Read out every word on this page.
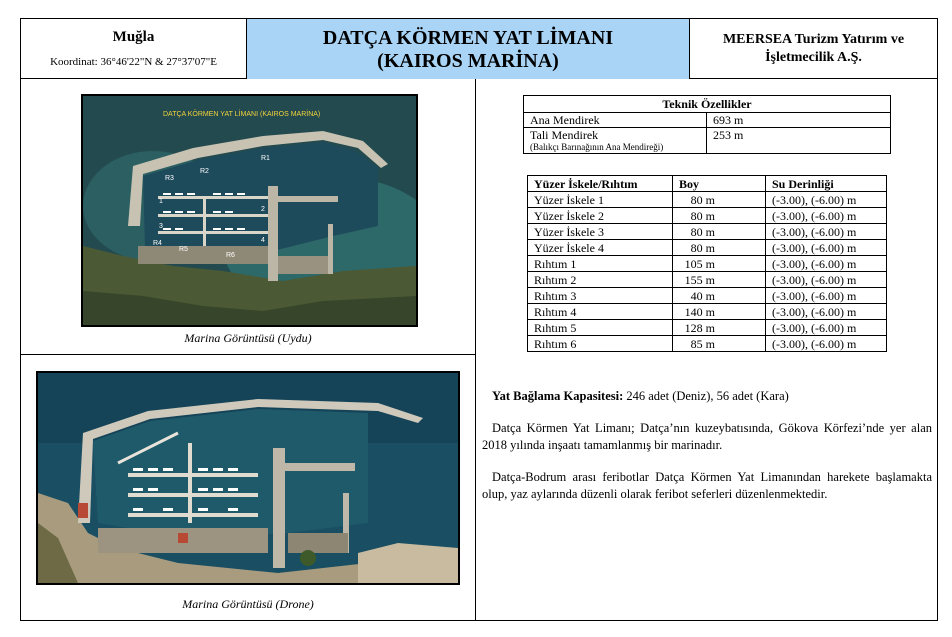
Muğla
Koordinat: 36°46'22"N & 27°37'07"E
DATÇA KÖRMEN YAT LİMANI
(KAIROS MARİNA)
MEERSEA Turizm Yatırım ve
İşletmecilik A.Ş.
DATÇA KÖRMEN YAT LİMANI (KAIROS MARİNA)
R1
R2
R3
R4
R5
R6
1
2
3
4
Marina Görüntüsü (Uydu)
Marina Görüntüsü (Drone)
Teknik Özellikler	
Ana Mendirek	693 m
Tali Mendirek
(Balıkçı Barınağının Ana Mendireği)	253 m
Yüzer İskele/Rıhtım	Boy	Su Derinliği
Yüzer İskele 1	80 m	(-3.00), (-6.00) m
Yüzer İskele 2	80 m	(-3.00), (-6.00) m
Yüzer İskele 3	80 m	(-3.00), (-6.00) m
Yüzer İskele 4	80 m	(-3.00), (-6.00) m
Rıhtım 1	105 m	(-3.00), (-6.00) m
Rıhtım 2	155 m	(-3.00), (-6.00) m
Rıhtım 3	40 m	(-3.00), (-6.00) m
Rıhtım 4	140 m	(-3.00), (-6.00) m
Rıhtım 5	128 m	(-3.00), (-6.00) m
Rıhtım 6	85 m	(-3.00), (-6.00) m
Yat Bağlama Kapasitesi: 246 adet (Deniz), 56 adet (Kara)
Datça Körmen Yat Limanı; Datça’nın kuzeybatısında, Gökova Körfezi’nde yer alan 2018 yılında inşaatı tamamlanmış bir marinadır.
Datça-Bodrum arası feribotlar Datça Körmen Yat Limanından harekete başlamakta olup, yaz aylarında düzenli olarak feribot seferleri düzenlenmektedir.
